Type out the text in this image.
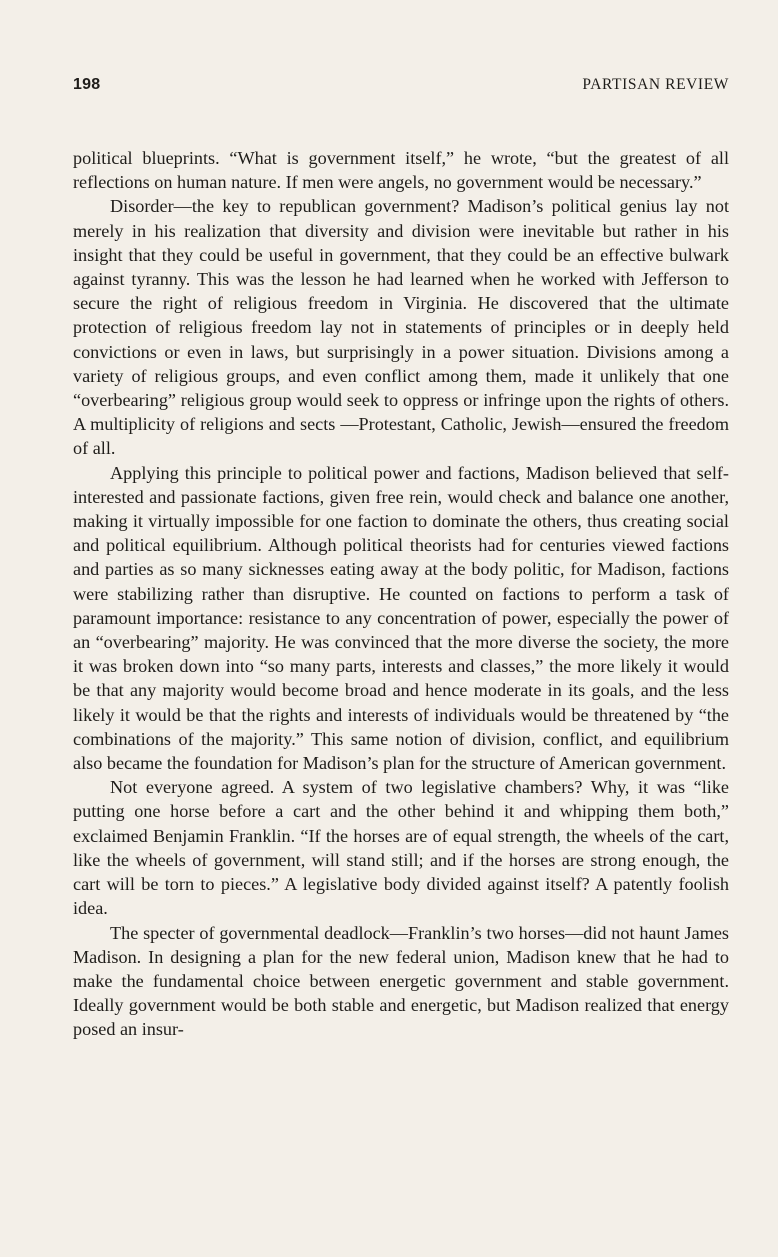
198	PARTISAN REVIEW

political blueprints. “What is government itself,” he wrote, “but the greatest of all reflections on human nature. If men were angels, no government would be necessary.”

Disorder—the key to republican government? Madison’s political genius lay not merely in his realization that diversity and division were inevitable but rather in his insight that they could be useful in government, that they could be an effective bulwark against tyranny. This was the lesson he had learned when he worked with Jefferson to secure the right of religious freedom in Virginia. He discovered that the ultimate protection of religious freedom lay not in statements of principles or in deeply held convictions or even in laws, but surprisingly in a power situation. Divisions among a variety of religious groups, and even conflict among them, made it unlikely that one “overbearing” religious group would seek to oppress or infringe upon the rights of others. A multiplicity of religions and sects —Protestant, Catholic, Jewish—ensured the freedom of all.

Applying this principle to political power and factions, Madison believed that self-interested and passionate factions, given free rein, would check and balance one another, making it virtually impossible for one faction to dominate the others, thus creating social and political equilibrium. Although political theorists had for centuries viewed factions and parties as so many sicknesses eating away at the body politic, for Madison, factions were stabilizing rather than disruptive. He counted on factions to perform a task of paramount importance: resistance to any concentration of power, especially the power of an “overbearing” majority. He was convinced that the more diverse the society, the more it was broken down into “so many parts, interests and classes,” the more likely it would be that any majority would become broad and hence moderate in its goals, and the less likely it would be that the rights and interests of individuals would be threatened by “the combinations of the majority.” This same notion of division, conflict, and equilibrium also became the foundation for Madison’s plan for the structure of American government.

Not everyone agreed. A system of two legislative chambers? Why, it was “like putting one horse before a cart and the other behind it and whipping them both,” exclaimed Benjamin Franklin. “If the horses are of equal strength, the wheels of the cart, like the wheels of government, will stand still; and if the horses are strong enough, the cart will be torn to pieces.” A legislative body divided against itself? A patently foolish idea.

The specter of governmental deadlock—Franklin’s two horses—did not haunt James Madison. In designing a plan for the new federal union, Madison knew that he had to make the fundamental choice between energetic government and stable government. Ideally government would be both stable and energetic, but Madison realized that energy posed an insur-
